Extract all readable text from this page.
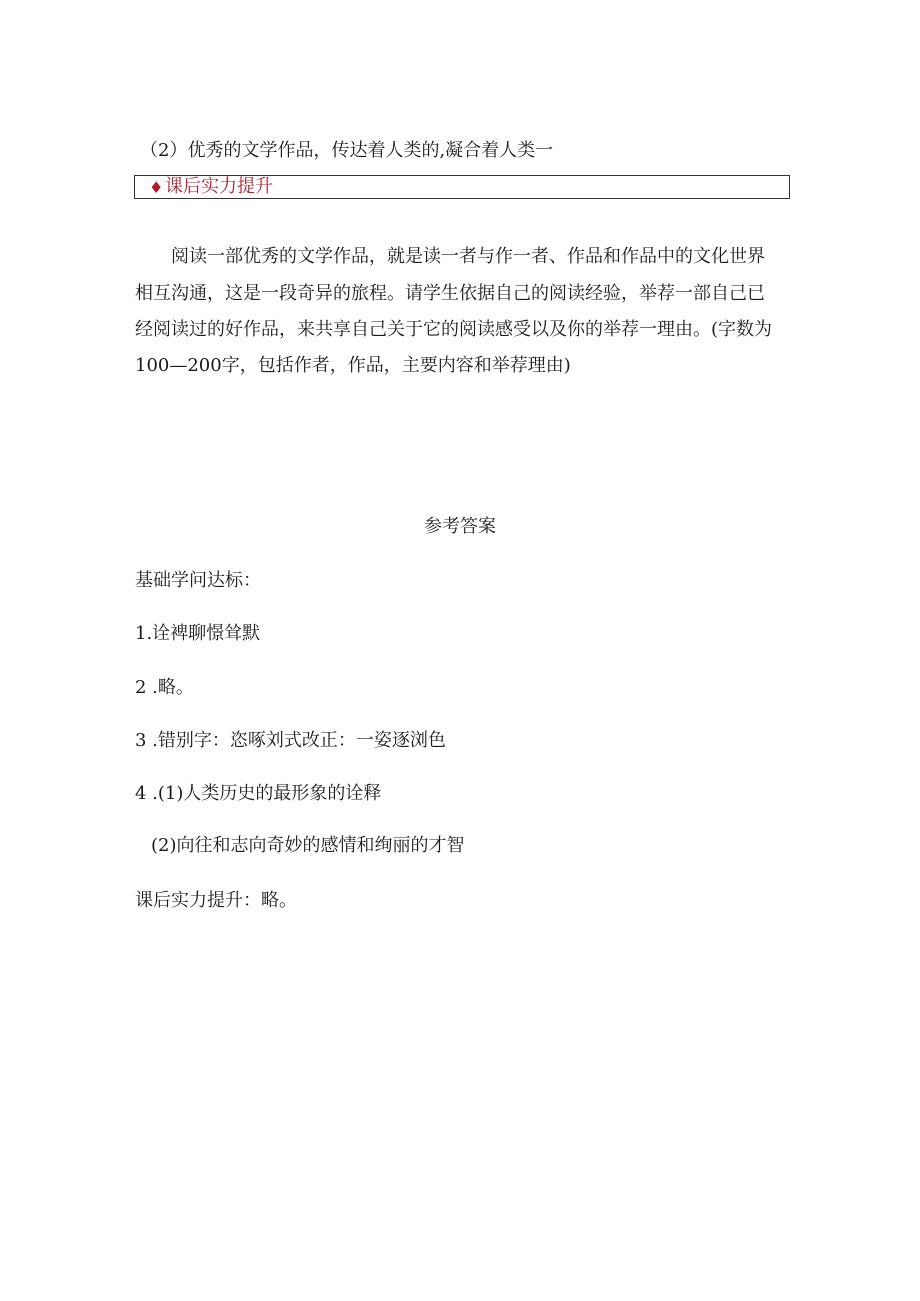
（2）优秀的文学作品，传达着人类的,凝合着人类一
♦ 课后实力提升
阅读一部优秀的文学作品，就是读一者与作一者、作品和作品中的文化世界
相互沟通，这是一段奇异的旅程。请学生依据自己的阅读经验，举荐一部自己已
经阅读过的好作品，来共享自己关于它的阅读感受以及你的举荐一理由。(字数为
100—200字，包括作者，作品，主要内容和举荐理由)
参考答案
基础学问达标：
1.诠裨聊憬耸默
2 .略。
3 .错别字：恣啄刘式改正：一姿逐浏色
4 .(1)人类历史的最形象的诠释
(2)向往和志向奇妙的感情和绚丽的才智
课后实力提升：略。
